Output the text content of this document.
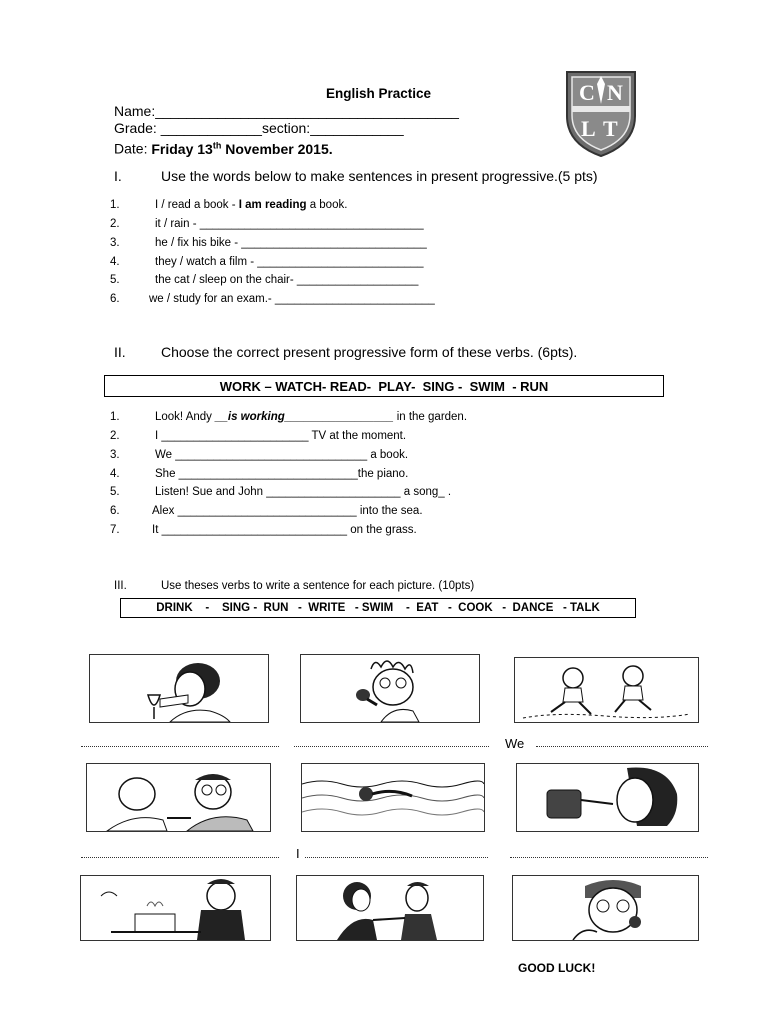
English Practice
Name:_______________________________________
Grade: _____________section:____________
Date: Friday 13th November 2015.
C N
L T
I.	Use the words below to make sentences in present progressive.(5 pts)
1.	I / read a book - I am reading a book.
2.	it / rain - ___________________________________
3.	he / fix his bike - _____________________________
4.	they / watch a film - __________________________
5.	the cat / sleep on the chair- ___________________
6.	we / study for an exam.- _________________________
II.	Choose the correct present progressive form of these verbs. (6pts).
WORK – WATCH- READ-  PLAY-  SING -  SWIM  - RUN
1.	Look! Andy __is working_________________ in the garden.
2.	I _______________________ TV at the moment.
3.	We ______________________________ a book.
4.	She ____________________________the piano.
5.	Listen! Sue and John _____________________ a song_ .
6.	Alex ____________________________ into the sea.
7.	It _____________________________ on the grass.
III.	Use theses verbs to write a sentence for each picture. (10pts)
DRINK    -    SING -  RUN   -  WRITE   - SWIM    -  EAT   -  COOK   -  DANCE   - TALK
We
I
GOOD LUCK!
